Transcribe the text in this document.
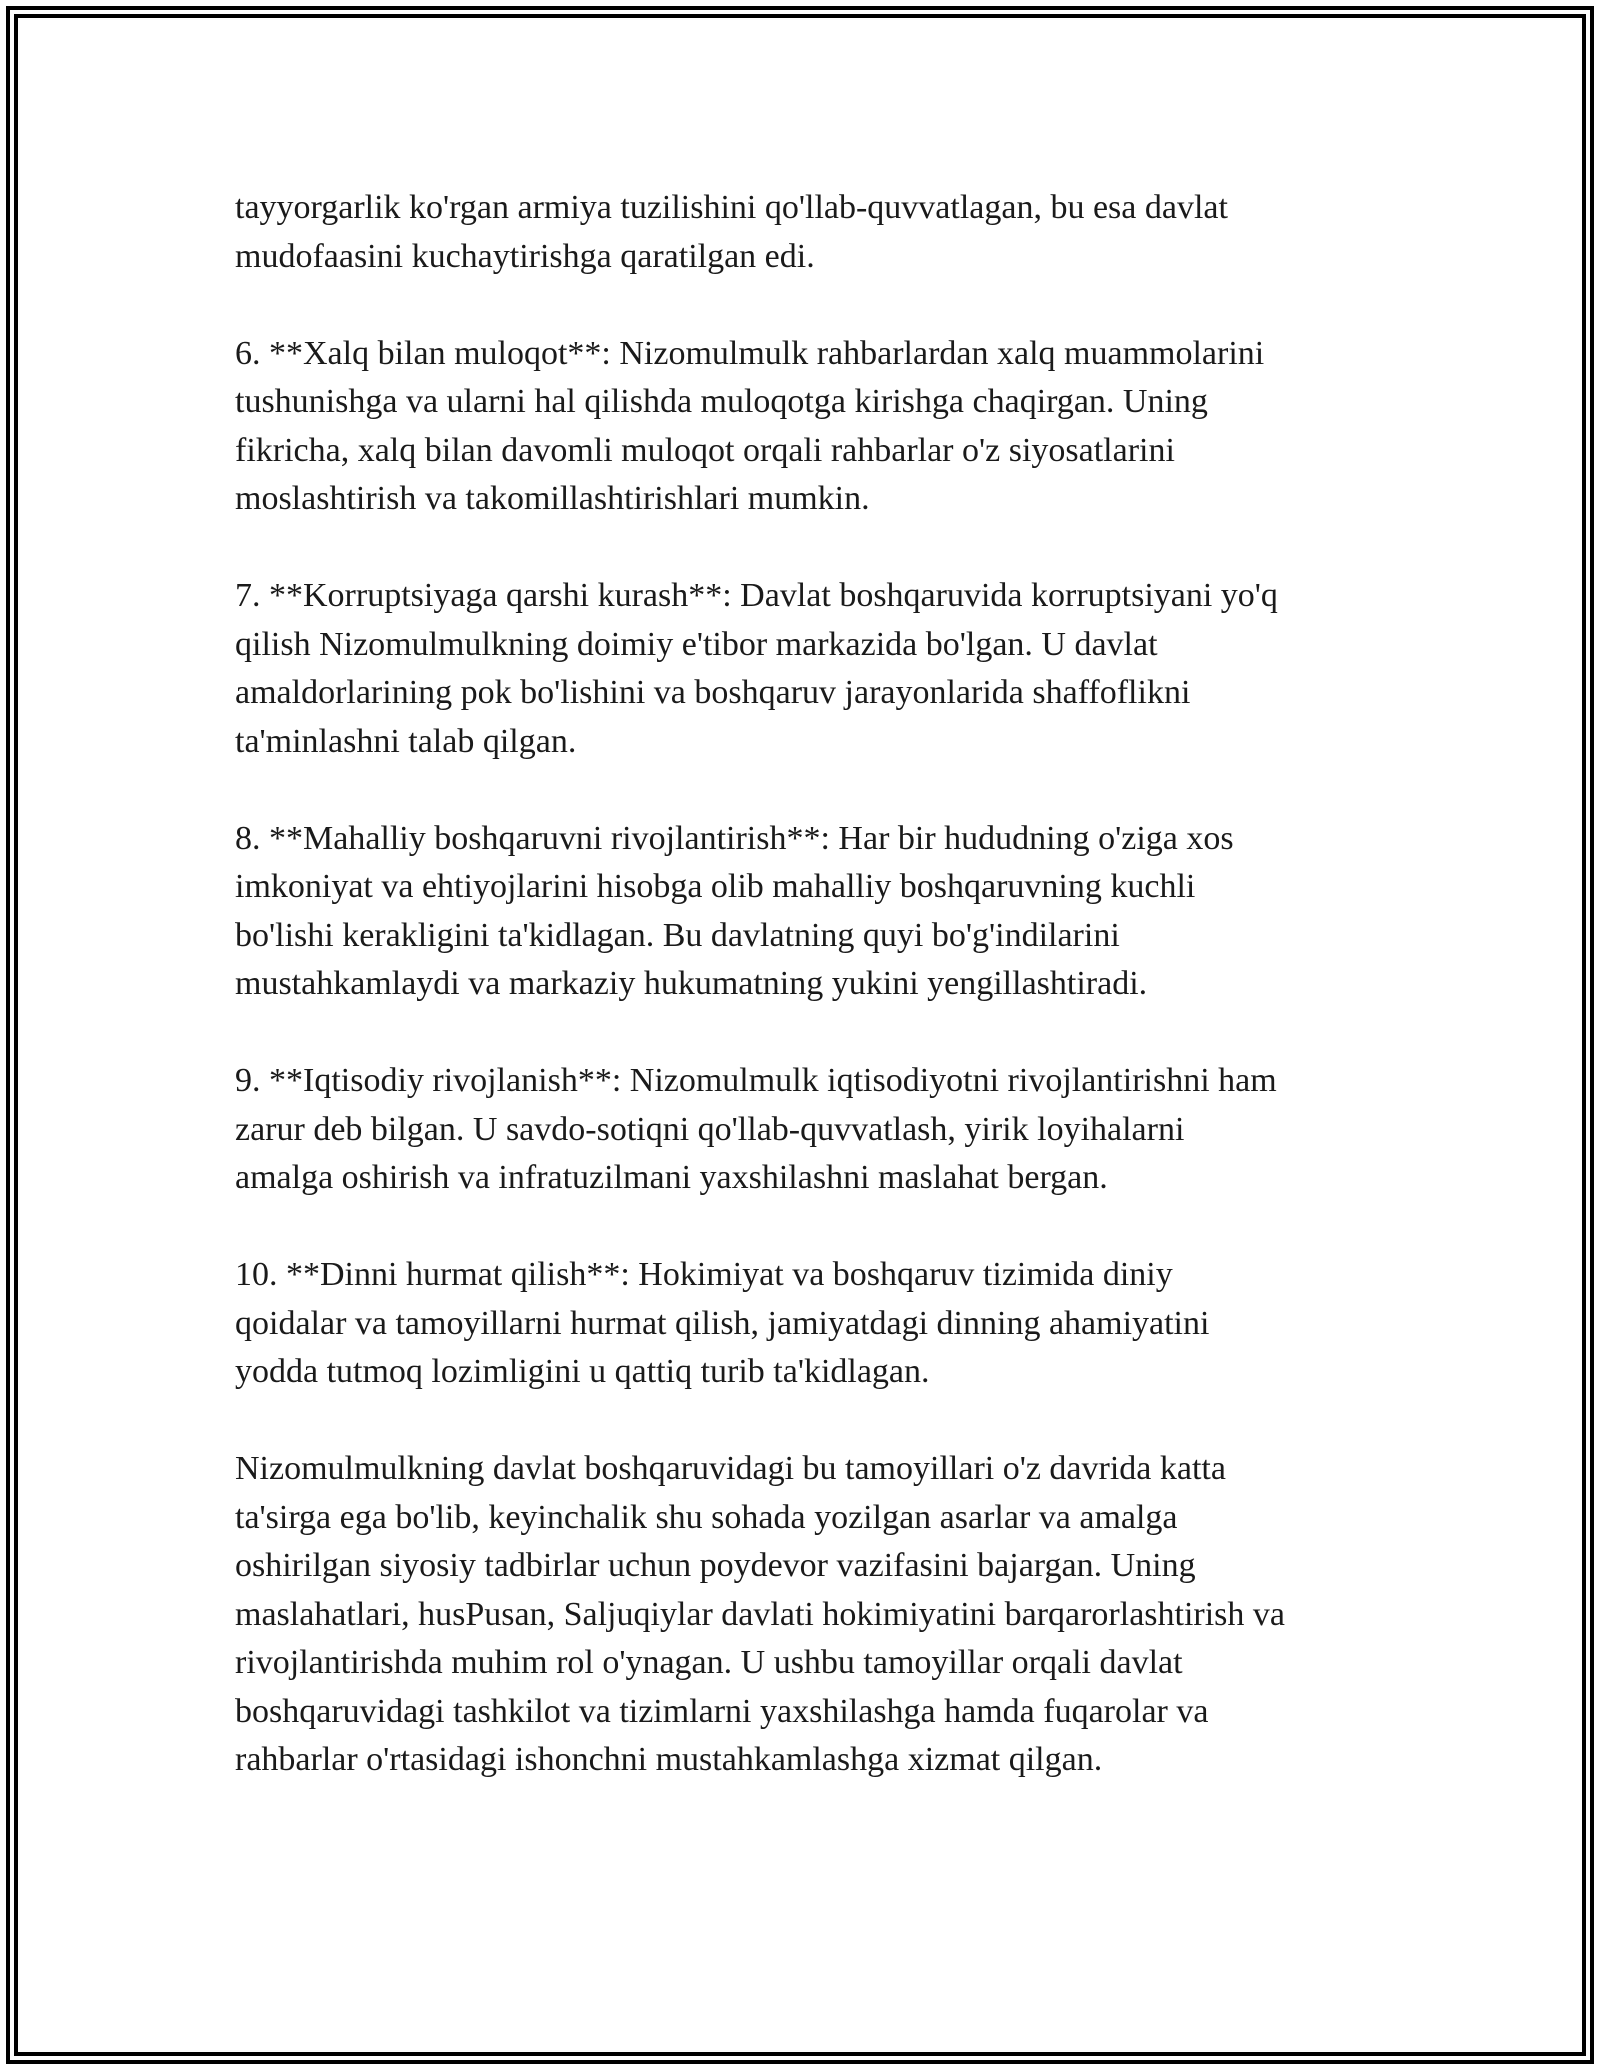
tayyorgarlik ko'rgan armiya tuzilishini qo'llab-quvvatlagan, bu esa davlat
mudofaasini kuchaytirishga qaratilgan edi.

6. **Xalq bilan muloqot**: Nizomulmulk rahbarlardan xalq muammolarini
tushunishga va ularni hal qilishda muloqotga kirishga chaqirgan. Uning
fikricha, xalq bilan davomli muloqot orqali rahbarlar o'z siyosatlarini
moslashtirish va takomillashtirishlari mumkin.

7. **Korruptsiyaga qarshi kurash**: Davlat boshqaruvida korruptsiyani yo'q
qilish Nizomulmulkning doimiy e'tibor markazida bo'lgan. U davlat
amaldorlarining pok bo'lishini va boshqaruv jarayonlarida shaffoflikni
ta'minlashni talab qilgan.

8. **Mahalliy boshqaruvni rivojlantirish**: Har bir hududning o'ziga xos
imkoniyat va ehtiyojlarini hisobga olib mahalliy boshqaruvning kuchli
bo'lishi kerakligini ta'kidlagan. Bu davlatning quyi bo'g'indilarini
mustahkamlaydi va markaziy hukumatning yukini yengillashtiradi.

9. **Iqtisodiy rivojlanish**: Nizomulmulk iqtisodiyotni rivojlantirishni ham
zarur deb bilgan. U savdo-sotiqni qo'llab-quvvatlash, yirik loyihalarni
amalga oshirish va infratuzilmani yaxshilashni maslahat bergan.

10. **Dinni hurmat qilish**: Hokimiyat va boshqaruv tizimida diniy
qoidalar va tamoyillarni hurmat qilish, jamiyatdagi dinning ahamiyatini
yodda tutmoq lozimligini u qattiq turib ta'kidlagan.

Nizomulmulkning davlat boshqaruvidagi bu tamoyillari o'z davrida katta
ta'sirga ega bo'lib, keyinchalik shu sohada yozilgan asarlar va amalga
oshirilgan siyosiy tadbirlar uchun poydevor vazifasini bajargan. Uning
maslahatlari, husPusan, Saljuqiylar davlati hokimiyatini barqarorlashtirish va
rivojlantirishda muhim rol o'ynagan. U ushbu tamoyillar orqali davlat
boshqaruvidagi tashkilot va tizimlarni yaxshilashga hamda fuqarolar va
rahbarlar o'rtasidagi ishonchni mustahkamlashga xizmat qilgan.
